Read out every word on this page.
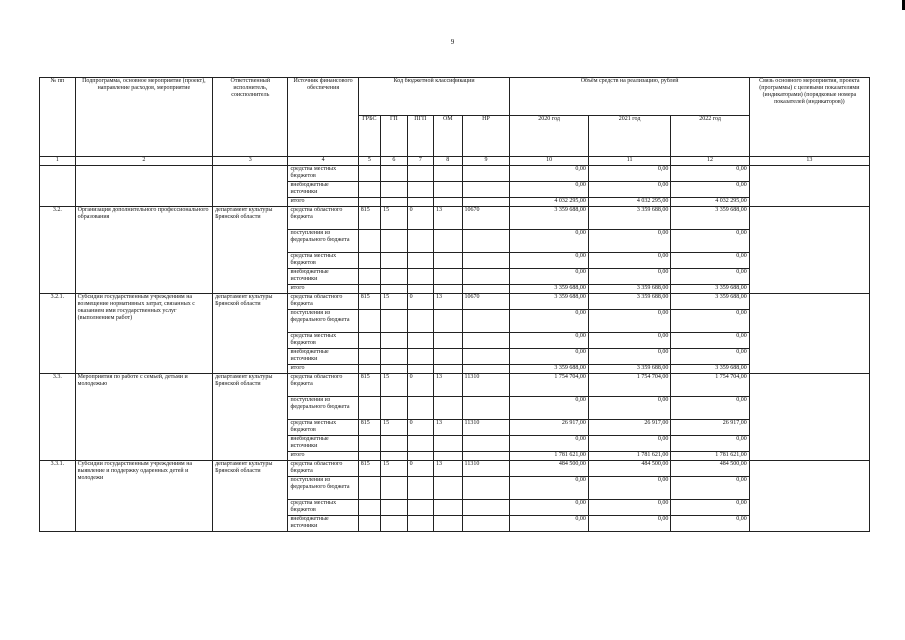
9
№ пп	Подпрограмма, основное мероприятие (проект), направление расходов, мероприятие	Ответственный исполнитель, соисполнитель	Источник финансового обеспечения	Код бюджетной классификации					Объём средств на реализацию, рублей			Связь основного мероприятия, проекта (программы) с целевыми показателями (индикаторами) (порядковые номера показателей (индикаторов))
				ГРБС	ГП	ПГП	ОМ	НР	2020 год	2021 год	2022 год	
1	2	3	4	5	6	7	8	9	10	11	12	13
			средства местных бюджетов						0,00	0,00	0,00	
			внебюджетные источники						0,00	0,00	0,00	
			итого						4 032 295,00	4 032 295,00	4 032 295,00	
3.2.	Организация дополнительного профессионального образования	департамент культуры Брянской области	средства областного бюджета	815	15	0	13	10670	3 359 688,00	3 359 688,00	3 359 688,00	
			поступления из федерального бюджета						0,00	0,00	0,00	
			средства местных бюджетов						0,00	0,00	0,00	
			внебюджетные источники						0,00	0,00	0,00	
			итого						3 359 688,00	3 359 688,00	3 359 688,00	
3.2.1.	Субсидии государственным учреждениям на возмещение нормативных затрат, связанных с оказанием ими государственных услуг (выполнением работ)	департамент культуры Брянской области	средства областного бюджета	815	15	0	13	10670	3 359 688,00	3 359 688,00	3 359 688,00	
			поступления из федерального бюджета						0,00	0,00	0,00	
			средства местных бюджетов						0,00	0,00	0,00	
			внебюджетные источники						0,00	0,00	0,00	
			итого						3 359 688,00	3 359 688,00	3 359 688,00	
3.3.	Мероприятия по работе с семьей, детьми и молодежью	департамент культуры Брянской области	средства областного бюджета	815	15	0	13	11310	1 754 704,00	1 754 704,00	1 754 704,00	
			поступления из федерального бюджета						0,00	0,00	0,00	
			средства местных бюджетов	815	15	0	13	11310	26 917,00	26 917,00	26 917,00	
			внебюджетные источники						0,00	0,00	0,00	
			итого						1 781 621,00	1 781 621,00	1 781 621,00	
3.3.1.	Субсидии государственным учреждениям на выявление и поддержку одаренных детей и молодежи	департамент культуры Брянской области	средства областного бюджета	815	15	0	13	11310	484 500,00	484 500,00	484 500,00	
			поступления из федерального бюджета						0,00	0,00	0,00	
			средства местных бюджетов						0,00	0,00	0,00	
			внебюджетные источники						0,00	0,00	0,00	
